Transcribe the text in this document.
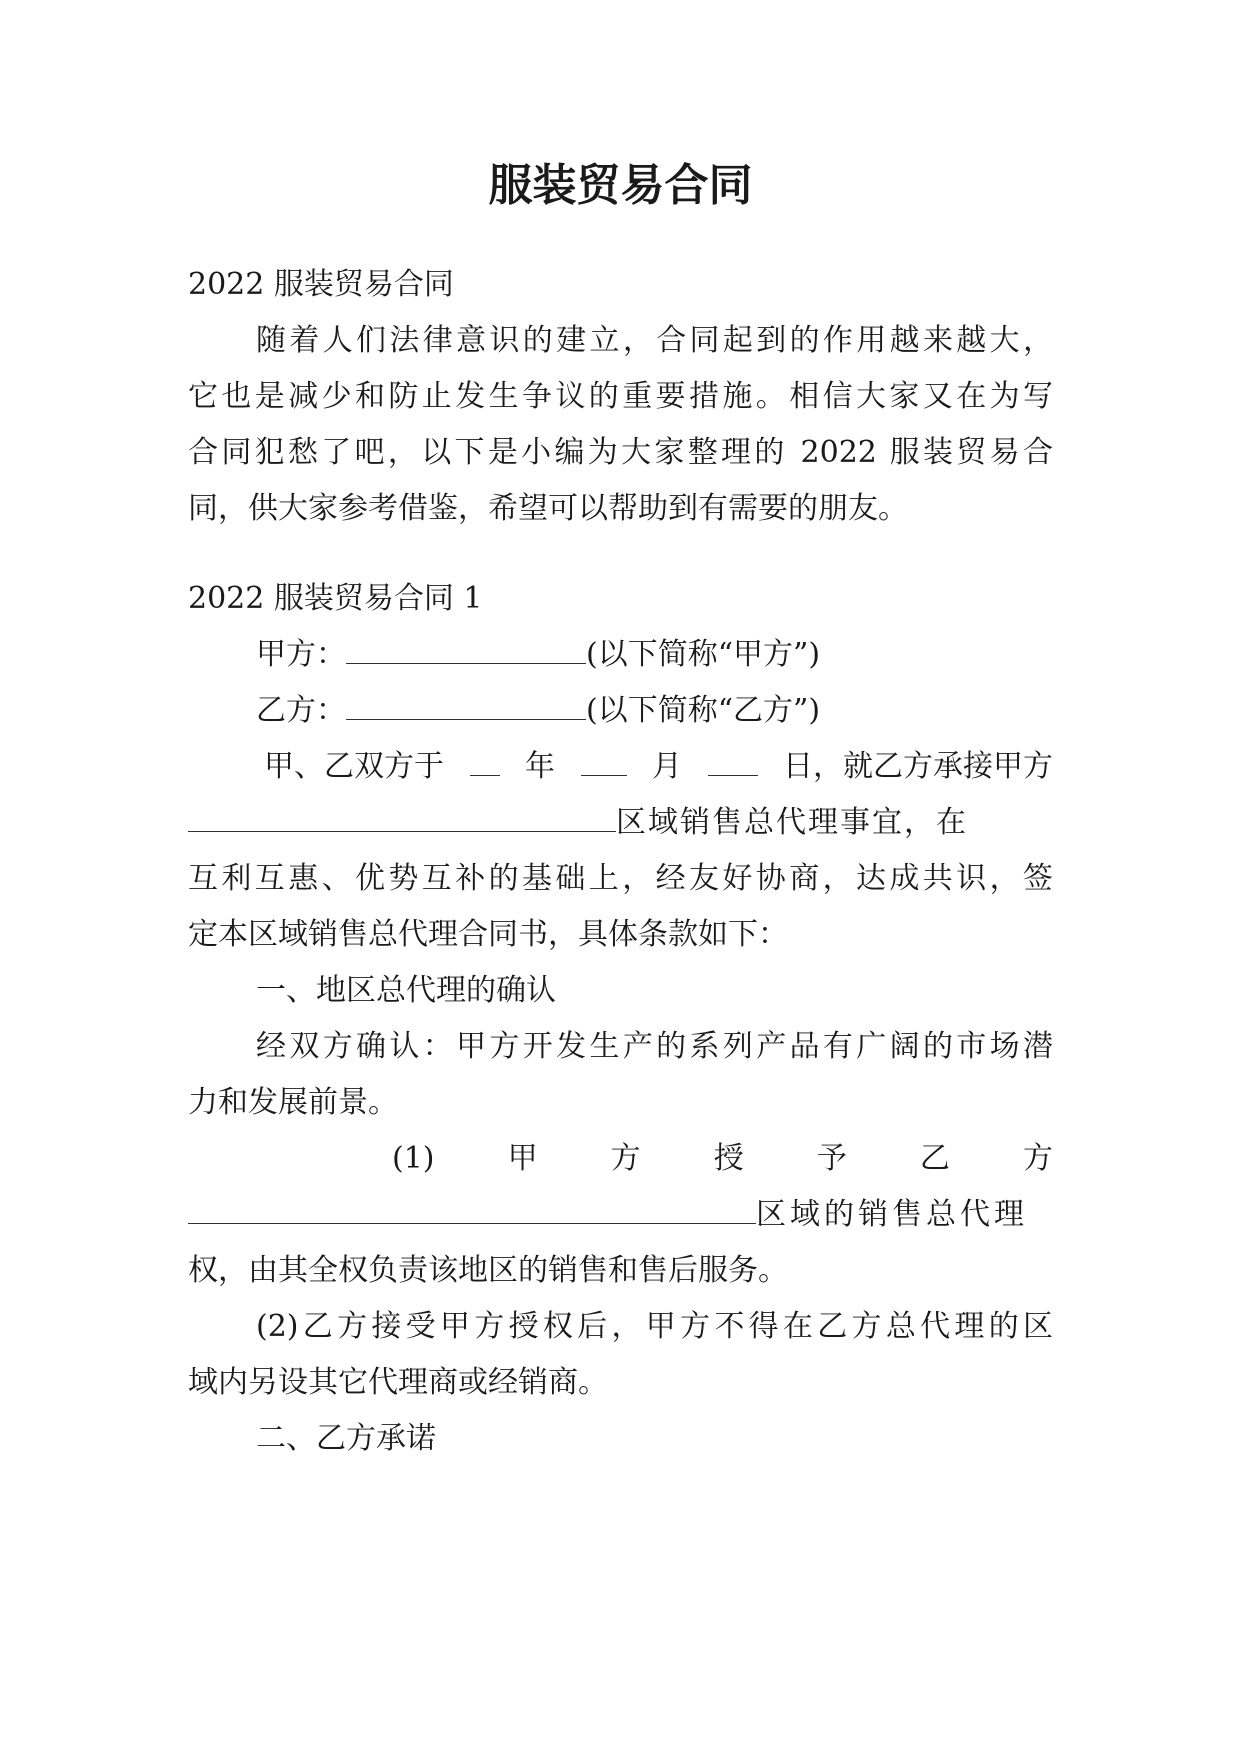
服装贸易合同
2022 服装贸易合同
随着人们法律意识的建立，合同起到的作用越来越大，
它也是减少和防止发生争议的重要措施。相信大家又在为写
合同犯愁了吧，以下是小编为大家整理的 2022 服装贸易合
同，供大家参考借鉴，希望可以帮助到有需要的朋友。
2022 服装贸易合同 1
甲方：	(以下简称“甲方”)
乙方：	(以下简称“乙方”)
甲、乙双方于	年	月	日，就乙方承接甲方
区域销售总代理事宜，在
互利互惠、优势互补的基础上，经友好协商，达成共识，签
定本区域销售总代理合同书，具体条款如下：
一、地区总代理的确认
经双方确认：甲方开发生产的系列产品有广阔的市场潜
力和发展前景。
(1) 甲 方 授 予 乙 方
区域的销售总代理
权，由其全权负责该地区的销售和售后服务。
(2)乙方接受甲方授权后，甲方不得在乙方总代理的区
域内另设其它代理商或经销商。
二、乙方承诺
